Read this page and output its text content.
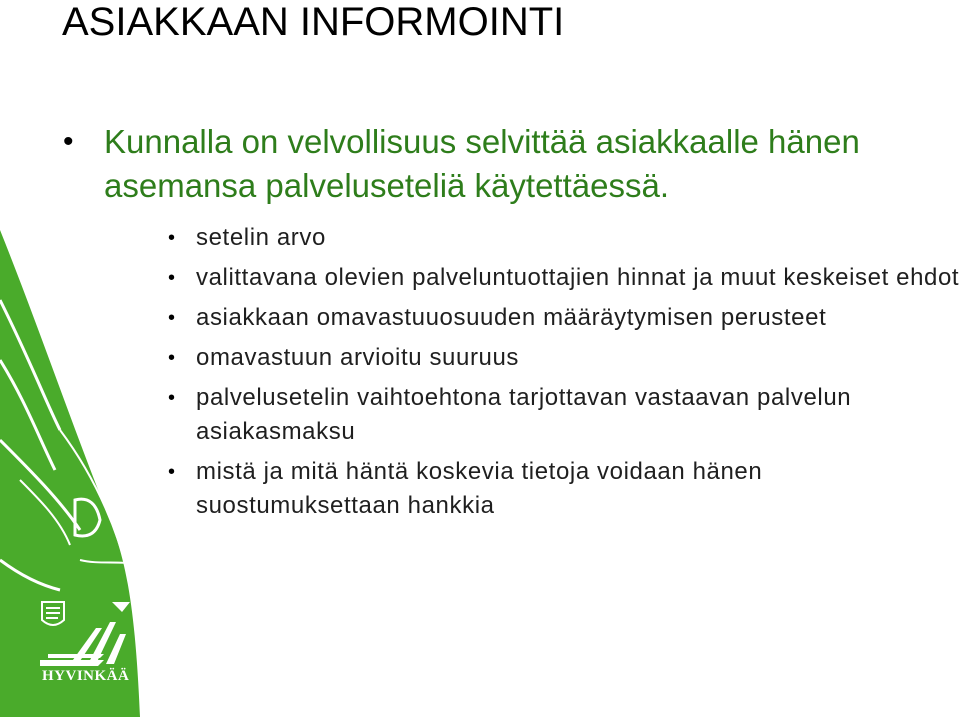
ASIAKKAAN INFORMOINTI
• Kunnalla on velvollisuus selvittää asiakkaalle hänen asemansa palveluseteliä käytettäessä.
• setelin arvo
• valittavana olevien palveluntuottajien hinnat ja muut keskeiset ehdot
• asiakkaan omavastuuosuuden määräytymisen perusteet
• omavastuun arvioitu suuruus
• palvelusetelin vaihtoehtona tarjottavan vastaavan palvelun asiakasmaksu
• mistä ja mitä häntä koskevia tietoja voidaan hänen suostumuksettaan hankkia
HYVINKÄÄ
